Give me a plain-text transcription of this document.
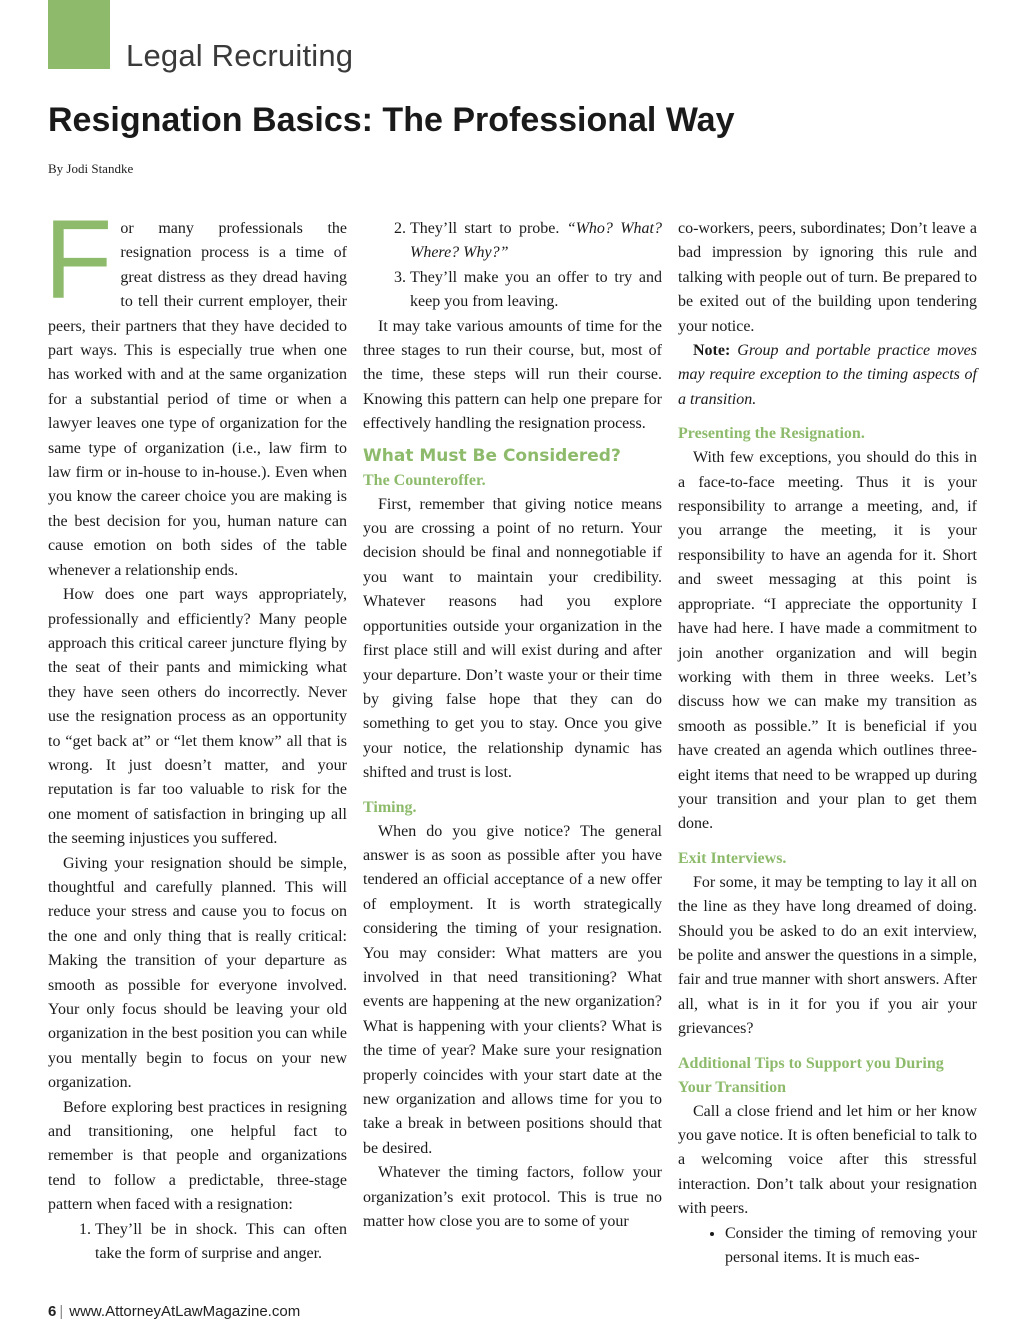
Legal Recruiting
Resignation Basics: The Professional Way
By Jodi Standke

For many professionals the resignation process is a time of great distress as they dread having to tell their current employer, their peers, their partners that they have decided to part ways. This is especially true when one has worked with and at the same organization for a substantial period of time or when a lawyer leaves one type of organization for the same type of organization (i.e., law firm to law firm or in-house to in-house.). Even when you know the career choice you are making is the best decision for you, human nature can cause emotion on both sides of the table whenever a relationship ends.

How does one part ways appropriately, professionally and efficiently? Many people approach this critical career juncture flying by the seat of their pants and mimicking what they have seen others do incorrectly. Never use the resignation process as an opportunity to “get back at” or “let them know” all that is wrong. It just doesn’t matter, and your reputation is far too valuable to risk for the one moment of satisfaction in bringing up all the seeming injustices you suffered.

Giving your resignation should be simple, thoughtful and carefully planned. This will reduce your stress and cause you to focus on the one and only thing that is really critical: Making the transition of your departure as smooth as possible for everyone involved. Your only focus should be leaving your old organization in the best position you can while you mentally begin to focus on your new organization.

Before exploring best practices in resigning and transitioning, one helpful fact to remember is that people and organizations tend to follow a predictable, three-stage pattern when faced with a resignation:

1. They’ll be in shock. This can often take the form of surprise and anger.
2. They’ll start to probe. “Who? What? Where? Why?”
3. They’ll make you an offer to try and keep you from leaving.

It may take various amounts of time for the three stages to run their course, but, most of the time, these steps will run their course. Knowing this pattern can help one prepare for effectively handling the resignation process.

What Must Be Considered?
The Counteroffer.

First, remember that giving notice means you are crossing a point of no return. Your decision should be final and nonnegotiable if you want to maintain your credibility. Whatever reasons had you explore opportunities outside your organization in the first place still and will exist during and after your departure. Don’t waste your or their time by giving false hope that they can do something to get you to stay. Once you give your notice, the relationship dynamic has shifted and trust is lost.

Timing.

When do you give notice? The general answer is as soon as possible after you have tendered an official acceptance of a new offer of employment. It is worth strategically considering the timing of your resignation. You may consider: What matters are you involved in that need transitioning? What events are happening at the new organization? What is happening with your clients? What is the time of year? Make sure your resignation properly coincides with your start date at the new organization and allows time for you to take a break in between positions should that be desired.

Whatever the timing factors, follow your organization’s exit protocol. This is true no matter how close you are to some of your

co-workers, peers, subordinates; Don’t leave a bad impression by ignoring this rule and talking with people out of turn. Be prepared to be exited out of the building upon tendering your notice.

Note: Group and portable practice moves may require exception to the timing aspects of a transition.

Presenting the Resignation.

With few exceptions, you should do this in a face-to-face meeting. Thus it is your responsibility to arrange a meeting, and, if you arrange the meeting, it is your responsibility to have an agenda for it. Short and sweet messaging at this point is appropriate. “I appreciate the opportunity I have had here. I have made a commitment to join another organization and will begin working with them in three weeks. Let’s discuss how we can make my transition as smooth as possible.” It is beneficial if you have created an agenda which outlines three-eight items that need to be wrapped up during your transition and your plan to get them done.

Exit Interviews.

For some, it may be tempting to lay it all on the line as they have long dreamed of doing. Should you be asked to do an exit interview, be polite and answer the questions in a simple, fair and true manner with short answers. After all, what is in it for you if you air your grievances?

Additional Tips to Support you During Your Transition

Call a close friend and let him or her know you gave notice. It is often beneficial to talk to a welcoming voice after this stressful interaction. Don’t talk about your resignation with peers.

• Consider the timing of removing your personal items. It is much eas-
6 | www.AttorneyAtLawMagazine.com
